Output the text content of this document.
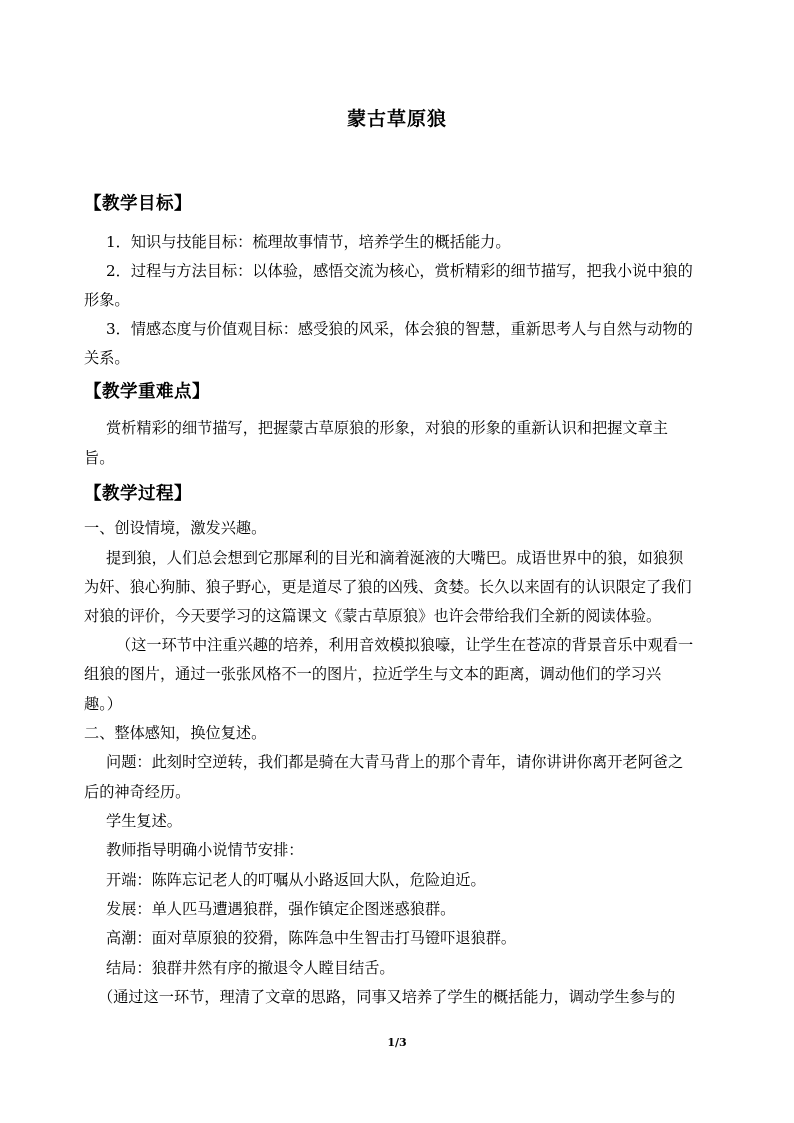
蒙古草原狼
【教学目标】
1．知识与技能目标：梳理故事情节，培养学生的概括能力。
2．过程与方法目标：以体验，感悟交流为核心，赏析精彩的细节描写，把我小说中狼的
形象。
3．情感态度与价值观目标：感受狼的风采，体会狼的智慧，重新思考人与自然与动物的
关系。
【教学重难点】
赏析精彩的细节描写，把握蒙古草原狼的形象，对狼的形象的重新认识和把握文章主
旨。
【教学过程】
一、创设情境，激发兴趣。
提到狼，人们总会想到它那犀利的目光和滴着涎液的大嘴巴。成语世界中的狼，如狼狈
为奸、狼心狗肺、狼子野心，更是道尽了狼的凶残、贪婪。长久以来固有的认识限定了我们
对狼的评价，今天要学习的这篇课文《蒙古草原狼》也许会带给我们全新的阅读体验。
（这一环节中注重兴趣的培养，利用音效模拟狼嚎，让学生在苍凉的背景音乐中观看一
组狼的图片，通过一张张风格不一的图片，拉近学生与文本的距离，调动他们的学习兴
趣。）
二、整体感知，换位复述。
问题：此刻时空逆转，我们都是骑在大青马背上的那个青年，请你讲讲你离开老阿爸之
后的神奇经历。
学生复述。
教师指导明确小说情节安排：
开端：陈阵忘记老人的叮嘱从小路返回大队，危险迫近。
发展：单人匹马遭遇狼群，强作镇定企图迷惑狼群。
高潮：面对草原狼的狡猾，陈阵急中生智击打马镫吓退狼群。
结局：狼群井然有序的撤退令人瞠目结舌。
（通过这一环节，理清了文章的思路，同事又培养了学生的概括能力，调动学生参与的
1/3
